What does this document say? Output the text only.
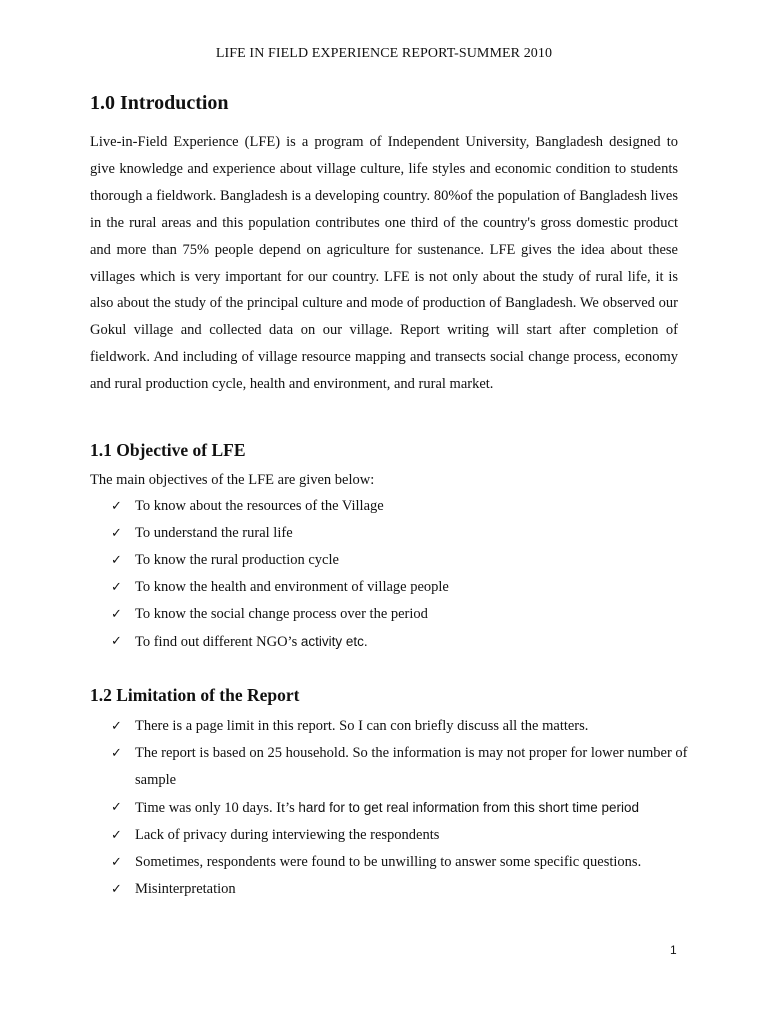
LIFE IN FIELD EXPERIENCE REPORT-SUMMER 2010
1.0 Introduction

Live-in-Field Experience (LFE) is a program of Independent University, Bangladesh designed to give knowledge and experience about village culture, life styles and economic condition to students thorough a fieldwork. Bangladesh is a developing country. 80%of the population of Bangladesh lives in the rural areas and this population contributes one third of the country's gross domestic product and more than 75% people depend on agriculture for sustenance. LFE gives the idea about these villages which is very important for our country. LFE is not only about the study of rural life, it is also about the study of the principal culture and mode of production of Bangladesh. We observed our Gokul village and collected data on our village. Report writing will start after completion of fieldwork. And including of village resource mapping and transects social change process, economy and rural production cycle, health and environment, and rural market.

1.1 Objective of LFE

The main objectives of the LFE are given below:

✓ To know about the resources of the Village
✓ To understand the rural life
✓ To know the rural production cycle
✓ To know the health and environment of village people
✓ To know the social change process over the period
✓ To find out different NGO’s activity etc.
1.2 Limitation of the Report
✓ There is a page limit in this report. So I can con briefly discuss all the matters.
✓ The report is based on 25 household. So the information is may not proper for lower number of sample
✓ Time was only 10 days. It’s hard for to get real information from this short time period
✓ Lack of privacy during interviewing the respondents
✓ Sometimes, respondents were found to be unwilling to answer some specific questions.
✓ Misinterpretation
1
